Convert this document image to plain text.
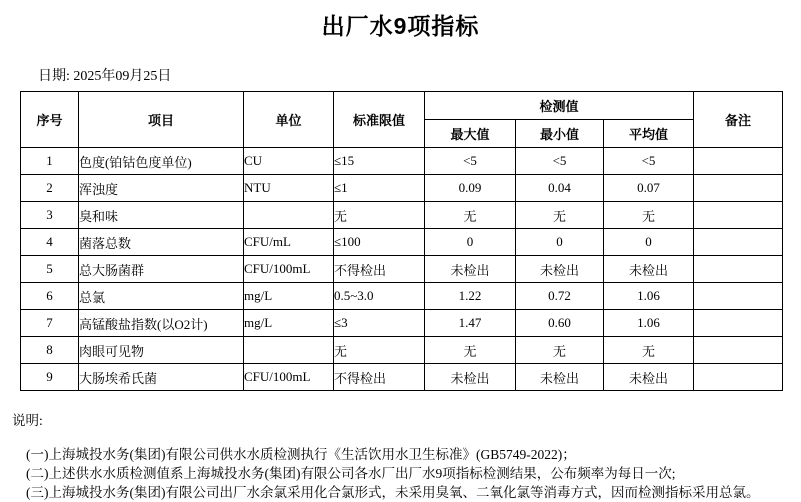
出厂水9项指标
日期: 2025年09月25日
序号	项目	单位	标准限值	检测值			备注
				最大值	最小值	平均值	
1	色度(铂钴色度单位)	CU	≤15	<5	<5	<5	
2	浑浊度	NTU	≤1	0.09	0.04	0.07	
3	臭和味		无	无	无	无	
4	菌落总数	CFU/mL	≤100	0	0	0	
5	总大肠菌群	CFU/100mL	不得检出	未检出	未检出	未检出	
6	总氯	mg/L	0.5~3.0	1.22	0.72	1.06	
7	高锰酸盐指数(以O2计)	mg/L	≤3	1.47	0.60	1.06	
8	肉眼可见物		无	无	无	无	
9	大肠埃希氏菌	CFU/100mL	不得检出	未检出	未检出	未检出	
说明:
(一)上海城投水务(集团)有限公司供水水质检测执行《生活饮用水卫生标准》(GB5749-2022)；
(二)上述供水水质检测值系上海城投水务(集团)有限公司各水厂出厂水9项指标检测结果，公布频率为每日一次;
(三)上海城投水务(集团)有限公司出厂水余氯采用化合氯形式，未采用臭氧、二氧化氯等消毒方式，因而检测指标采用总氯。
